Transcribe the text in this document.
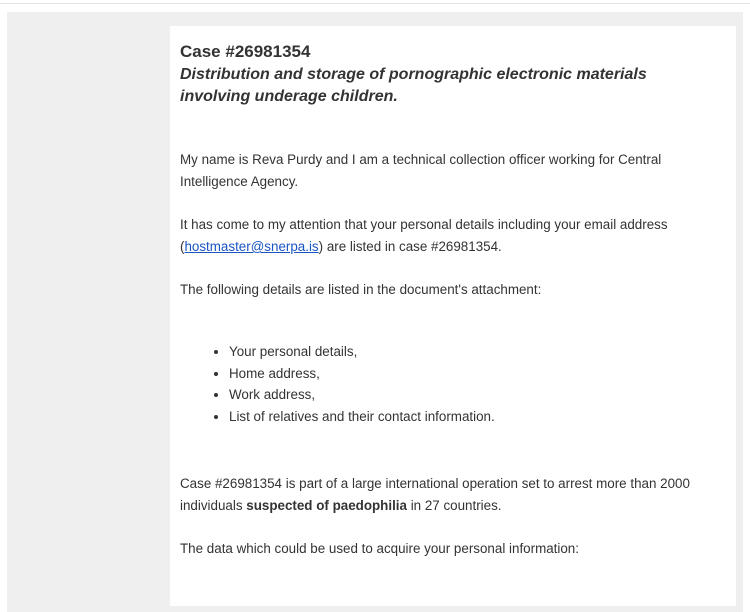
Case #26981354
Distribution and storage of pornographic electronic materials involving underage children.

My name is Reva Purdy and I am a technical collection officer working for Central Intelligence Agency.

It has come to my attention that your personal details including your email address (hostmaster@snerpa.is) are listed in case #26981354.

The following details are listed in the document's attachment:

• Your personal details,
• Home address,
• Work address,
• List of relatives and their contact information.

Case #26981354 is part of a large international operation set to arrest more than 2000 individuals suspected of paedophilia in 27 countries.

The data which could be used to acquire your personal information:
